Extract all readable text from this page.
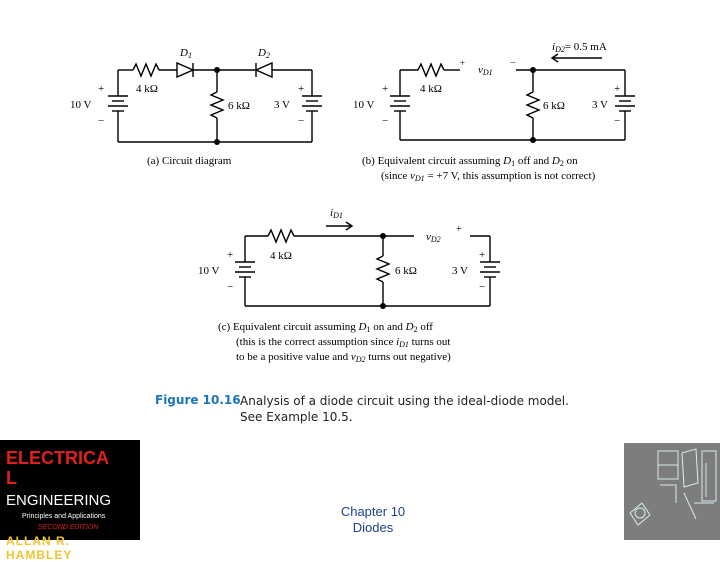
D1	D2
4 kΩ
6 kΩ
10 V
+
−
3 V
+
−
(a) Circuit diagram
iD2= 0.5 mA
+
vD1
−
4 kΩ
6 kΩ
10 V
+
−
3 V
+
−
(b) Equivalent circuit assuming D1 off and D2 on
(since vD1 = +7 V, this assumption is not correct)
iD1
vD2
+
4 kΩ
6 kΩ
10 V
+
−
3 V
+
−
(c) Equivalent circuit assuming D1 on and D2 off
(this is the correct assumption since iD1 turns out
to be a positive value and vD2 turns out negative)
Figure 10.16 Analysis of a diode circuit using the ideal-diode model.
See Example 10.5.
ELECTRICA
L
ENGINEERING
Principles and Applications
SECOND EDITION
ALLAN R. HAMBLEY
Chapter 10
Diodes
